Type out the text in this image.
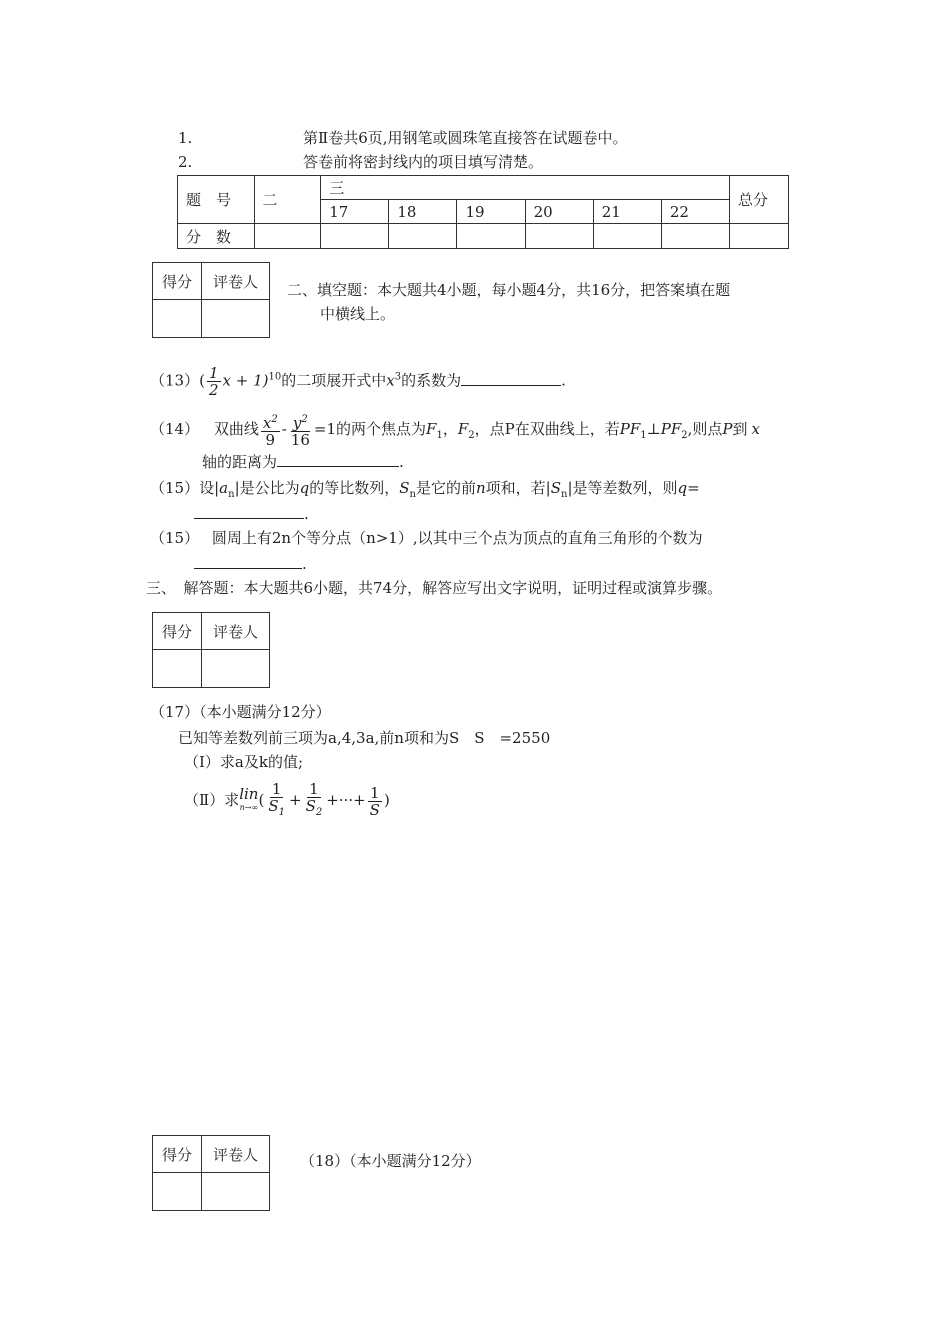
1.	第Ⅱ卷共6页,用钢笔或圆珠笔直接答在试题卷中。
2.	答卷前将密封线内的项目填写清楚。
题　号	二	三						总分
		17	18	19	20	21	22	
分　数								
得分	评卷人
	二、填空题：本大题共4小题，每小题4分，共16分，把答案填在题
中横线上。
$(13)( \frac{1}{2}$ $x + 1)^{10}$的二项展开式中$x^3$的系数为	.
（14） 双曲线 $\frac{x^2}{9} - \frac{y^2}{16} =1$的两个焦点为$F_1$，$F_2$，点P在双曲线上，若$PF_1\perp PF_2$,则点P到 x
轴的距离为	.
（15）设$|a_n|$是公比为q的等比数列，$S_n$是它的前n项和，若$|S_n|$是等差数列，则q=
.
（15） 圆周上有2n个等分点（n>1）,以其中三个点为顶点的直角三角形的个数为
.
三、　解答题：本大题共6小题，共74分，解答应写出文字说明，证明过程或演算步骤。
得分	评卷人

（17）（本小题满分12分）
已知等差数列前三项为a,4,3a,前n项和为S　S　=2550
（Ⅰ）求a及k的值;
（Ⅱ）求 lin
n→∞ ( $\frac{1}{S_1} + \frac{1}{S_2}$ +···+ $\frac{1}{S}$ )
得分	评卷人
		（18）（本小题满分12分）
